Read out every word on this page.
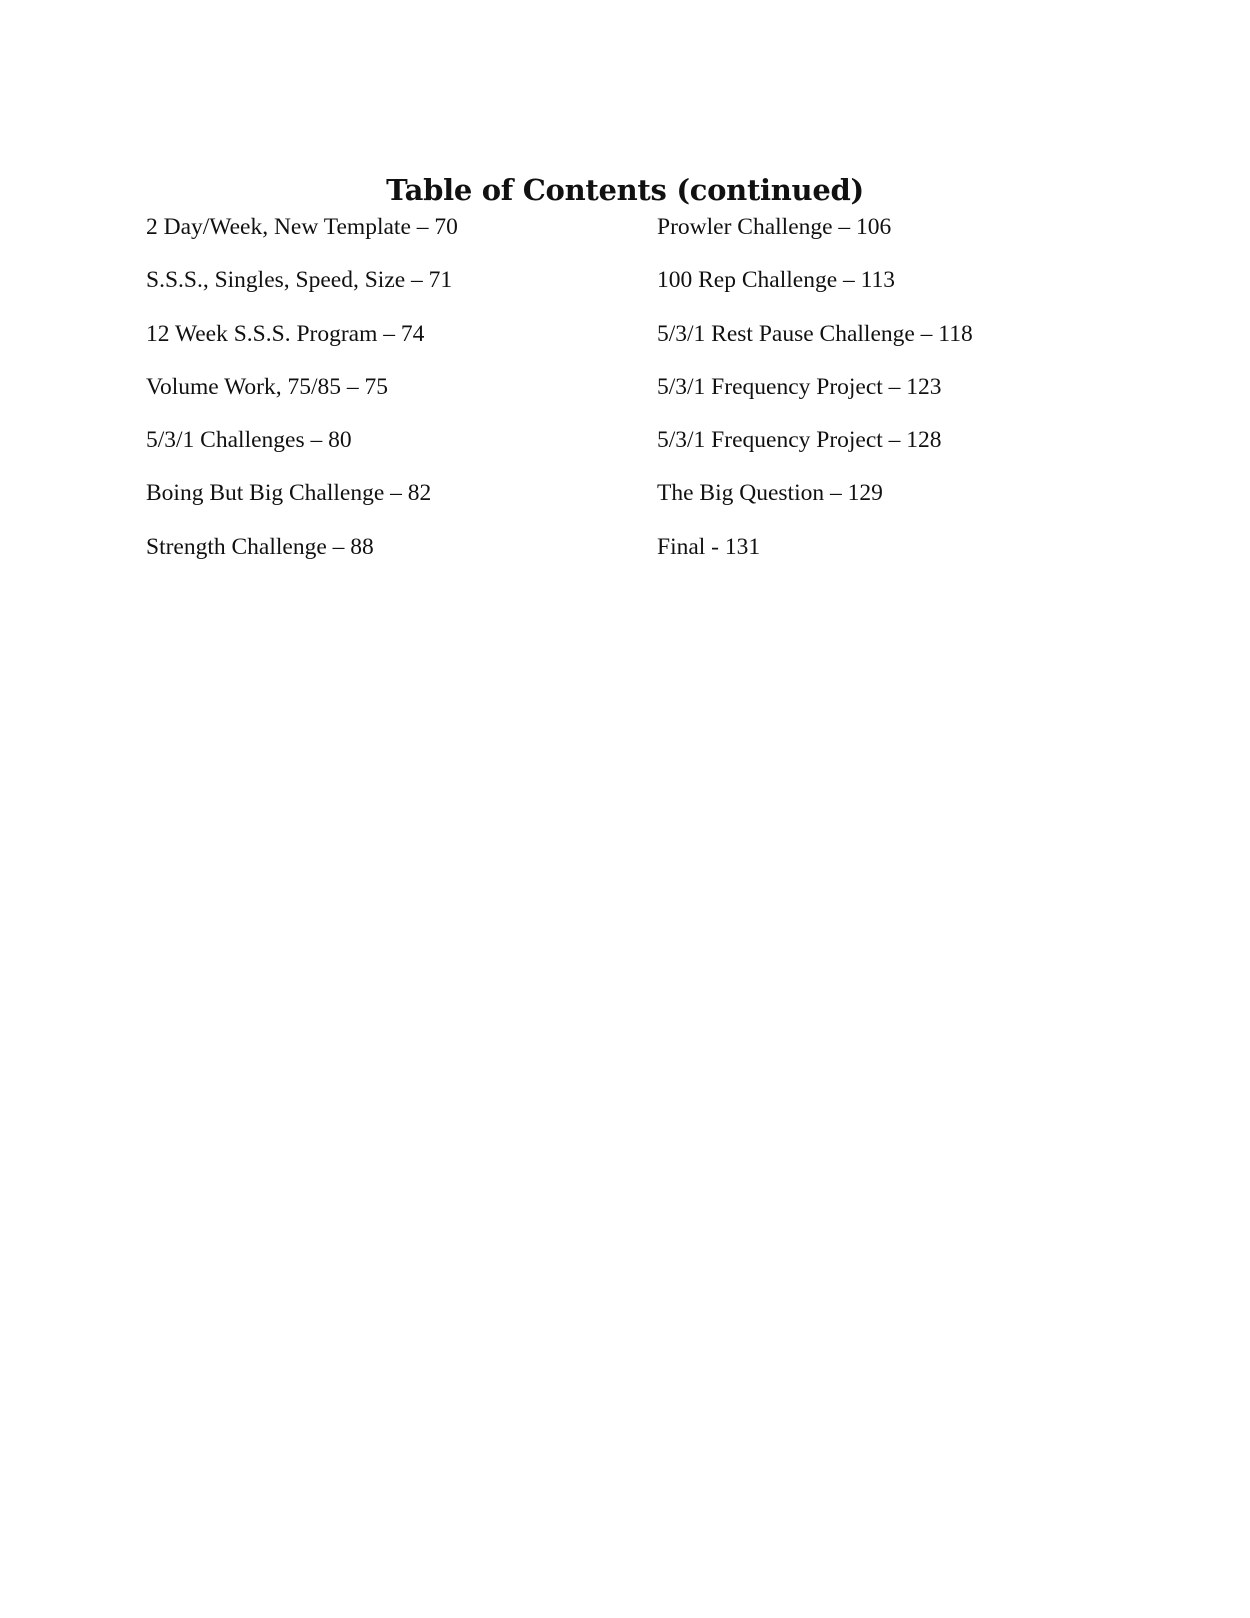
Table of Contents (continued)
2 Day/Week, New Template – 70
S.S.S., Singles, Speed, Size – 71
12 Week S.S.S. Program – 74
Volume Work, 75/85 – 75
5/3/1 Challenges – 80
Boing But Big Challenge – 82
Strength Challenge – 88
Prowler Challenge – 106
100 Rep Challenge – 113
5/3/1 Rest Pause Challenge – 118
5/3/1 Frequency Project – 123
5/3/1 Frequency Project – 128
The Big Question – 129
Final - 131
